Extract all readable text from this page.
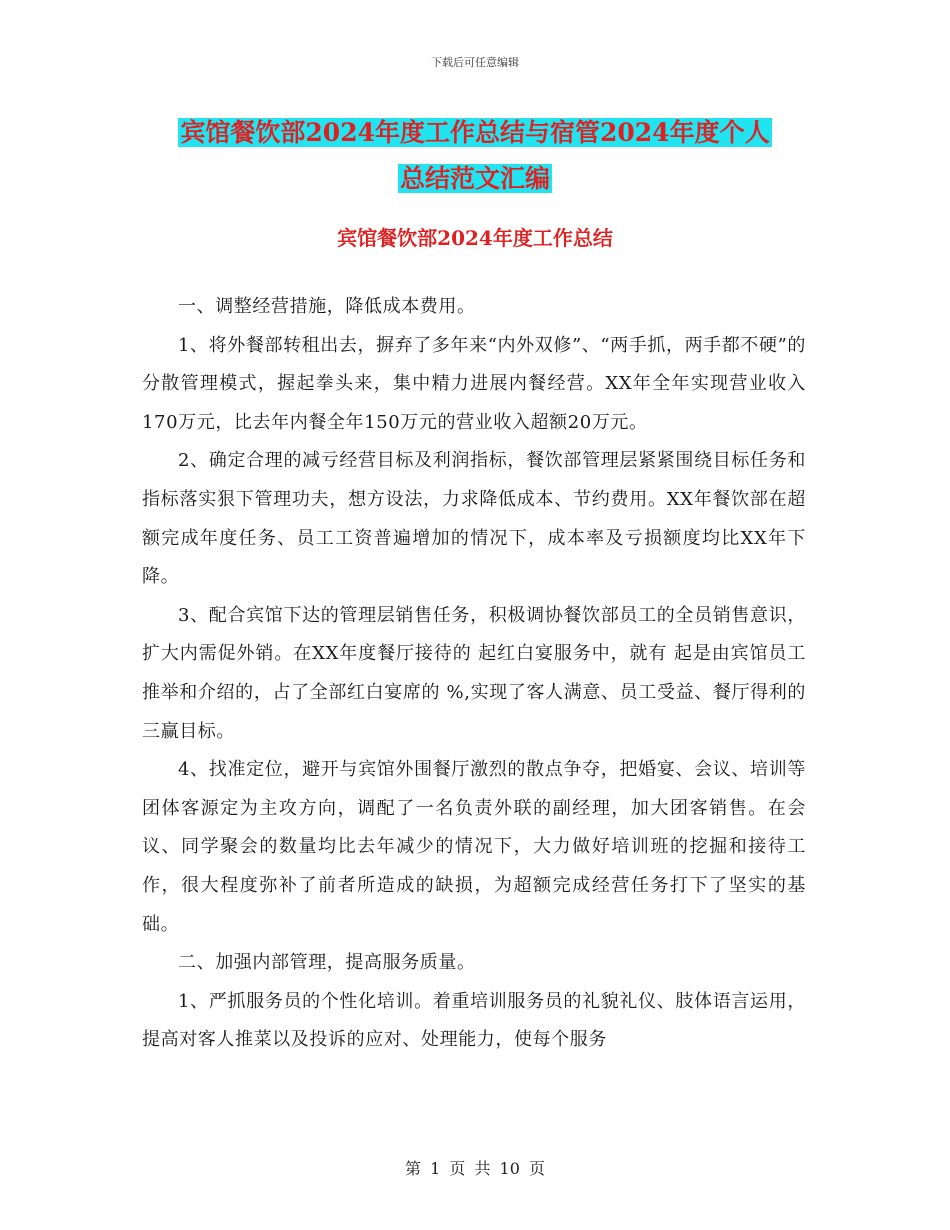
下载后可任意编辑
宾馆餐饮部2024年度工作总结与宿管2024年度个人
总结范文汇编
宾馆餐饮部2024年度工作总结

一、调整经营措施，降低成本费用。

1、将外餐部转租出去，摒弃了多年来“内外双修”、“两手抓，两手都不硬”的分散管理模式，握起拳头来，集中精力进展内餐经营。XX年全年实现营业收入170万元，比去年内餐全年150万元的营业收入超额20万元。

2、确定合理的减亏经营目标及利润指标，餐饮部管理层紧紧围绕目标任务和指标落实狠下管理功夫，想方设法，力求降低成本、节约费用。XX年餐饮部在超额完成年度任务、员工工资普遍增加的情况下，成本率及亏损额度均比XX年下降。

3、配合宾馆下达的管理层销售任务，积极调协餐饮部员工的全员销售意识，扩大内需促外销。在XX年度餐厅接待的 起红白宴服务中，就有 起是由宾馆员工推举和介绍的，占了全部红白宴席的 %,实现了客人满意、员工受益、餐厅得利的三赢目标。

4、找准定位，避开与宾馆外围餐厅激烈的散点争夺，把婚宴、会议、培训等团体客源定为主攻方向，调配了一名负责外联的副经理，加大团客销售。在会议、同学聚会的数量均比去年减少的情况下，大力做好培训班的挖掘和接待工作，很大程度弥补了前者所造成的缺损，为超额完成经营任务打下了坚实的基础。

二、加强内部管理，提高服务质量。

1、严抓服务员的个性化培训。着重培训服务员的礼貌礼仪、肢体语言运用，提高对客人推菜以及投诉的应对、处理能力，使每个服务

第 1 页 共 10 页
